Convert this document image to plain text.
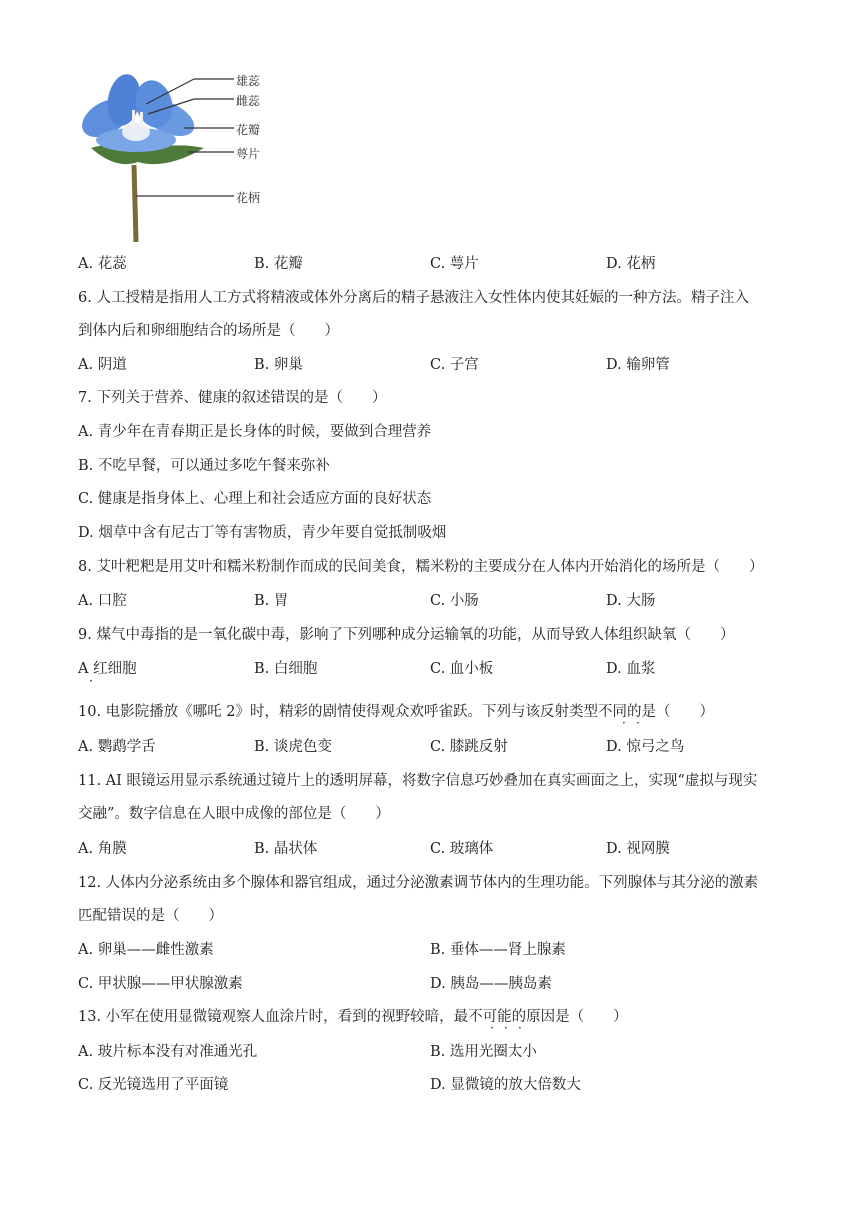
雄蕊
雌蕊
花瓣
萼片
花柄
A. 花蕊	B. 花瓣	C. 萼片	D. 花柄
6. 人工授精是指用人工方式将精液或体外分离后的精子悬液注入女性体内使其妊娠的一种方法。精子注入
到体内后和卵细胞结合的场所是（　　）
A. 阴道	B. 卵巢	C. 子宫	D. 输卵管
7. 下列关于营养、健康的叙述错误的是（　　）
A. 青少年在青春期正是长身体的时候，要做到合理营养
B. 不吃早餐，可以通过多吃午餐来弥补
C. 健康是指身体上、心理上和社会适应方面的良好状态
D. 烟草中含有尼古丁等有害物质，青少年要自觉抵制吸烟
8. 艾叶粑粑是用艾叶和糯米粉制作而成的民间美食，糯米粉的主要成分在人体内开始消化的场所是（　　）
A. 口腔	B. 胃	C. 小肠	D. 大肠
9. 煤气中毒指的是一氧化碳中毒，影响了下列哪种成分运输氧的功能，从而导致人体组织缺氧（　　）
A 红细胞
·
B. 白细胞	C. 血小板	D. 血浆
10. 电影院播放《哪吒 2》时，精彩的剧情使得观众欢呼雀跃。下列与该反射类型不同的是（　　）
· ·
A. 鹦鹉学舌	B. 谈虎色变	C. 膝跳反射	D. 惊弓之鸟
11. AI 眼镜运用显示系统通过镜片上的透明屏幕，将数字信息巧妙叠加在真实画面之上，实现“虚拟与现实
交融”。数字信息在人眼中成像的部位是（　　）
A. 角膜	B. 晶状体	C. 玻璃体	D. 视网膜
12. 人体内分泌系统由多个腺体和器官组成，通过分泌激素调节体内的生理功能。下列腺体与其分泌的激素
匹配错误的是（　　）
A. 卵巢——雌性激素	B. 垂体——肾上腺素
C. 甲状腺——甲状腺激素	D. 胰岛——胰岛素
13. 小军在使用显微镜观察人血涂片时，看到的视野较暗，最不可能的原因是（　　）
· · ·
A. 玻片标本没有对准通光孔	B. 选用光圈太小
C. 反光镜选用了平面镜	D. 显微镜的放大倍数大
